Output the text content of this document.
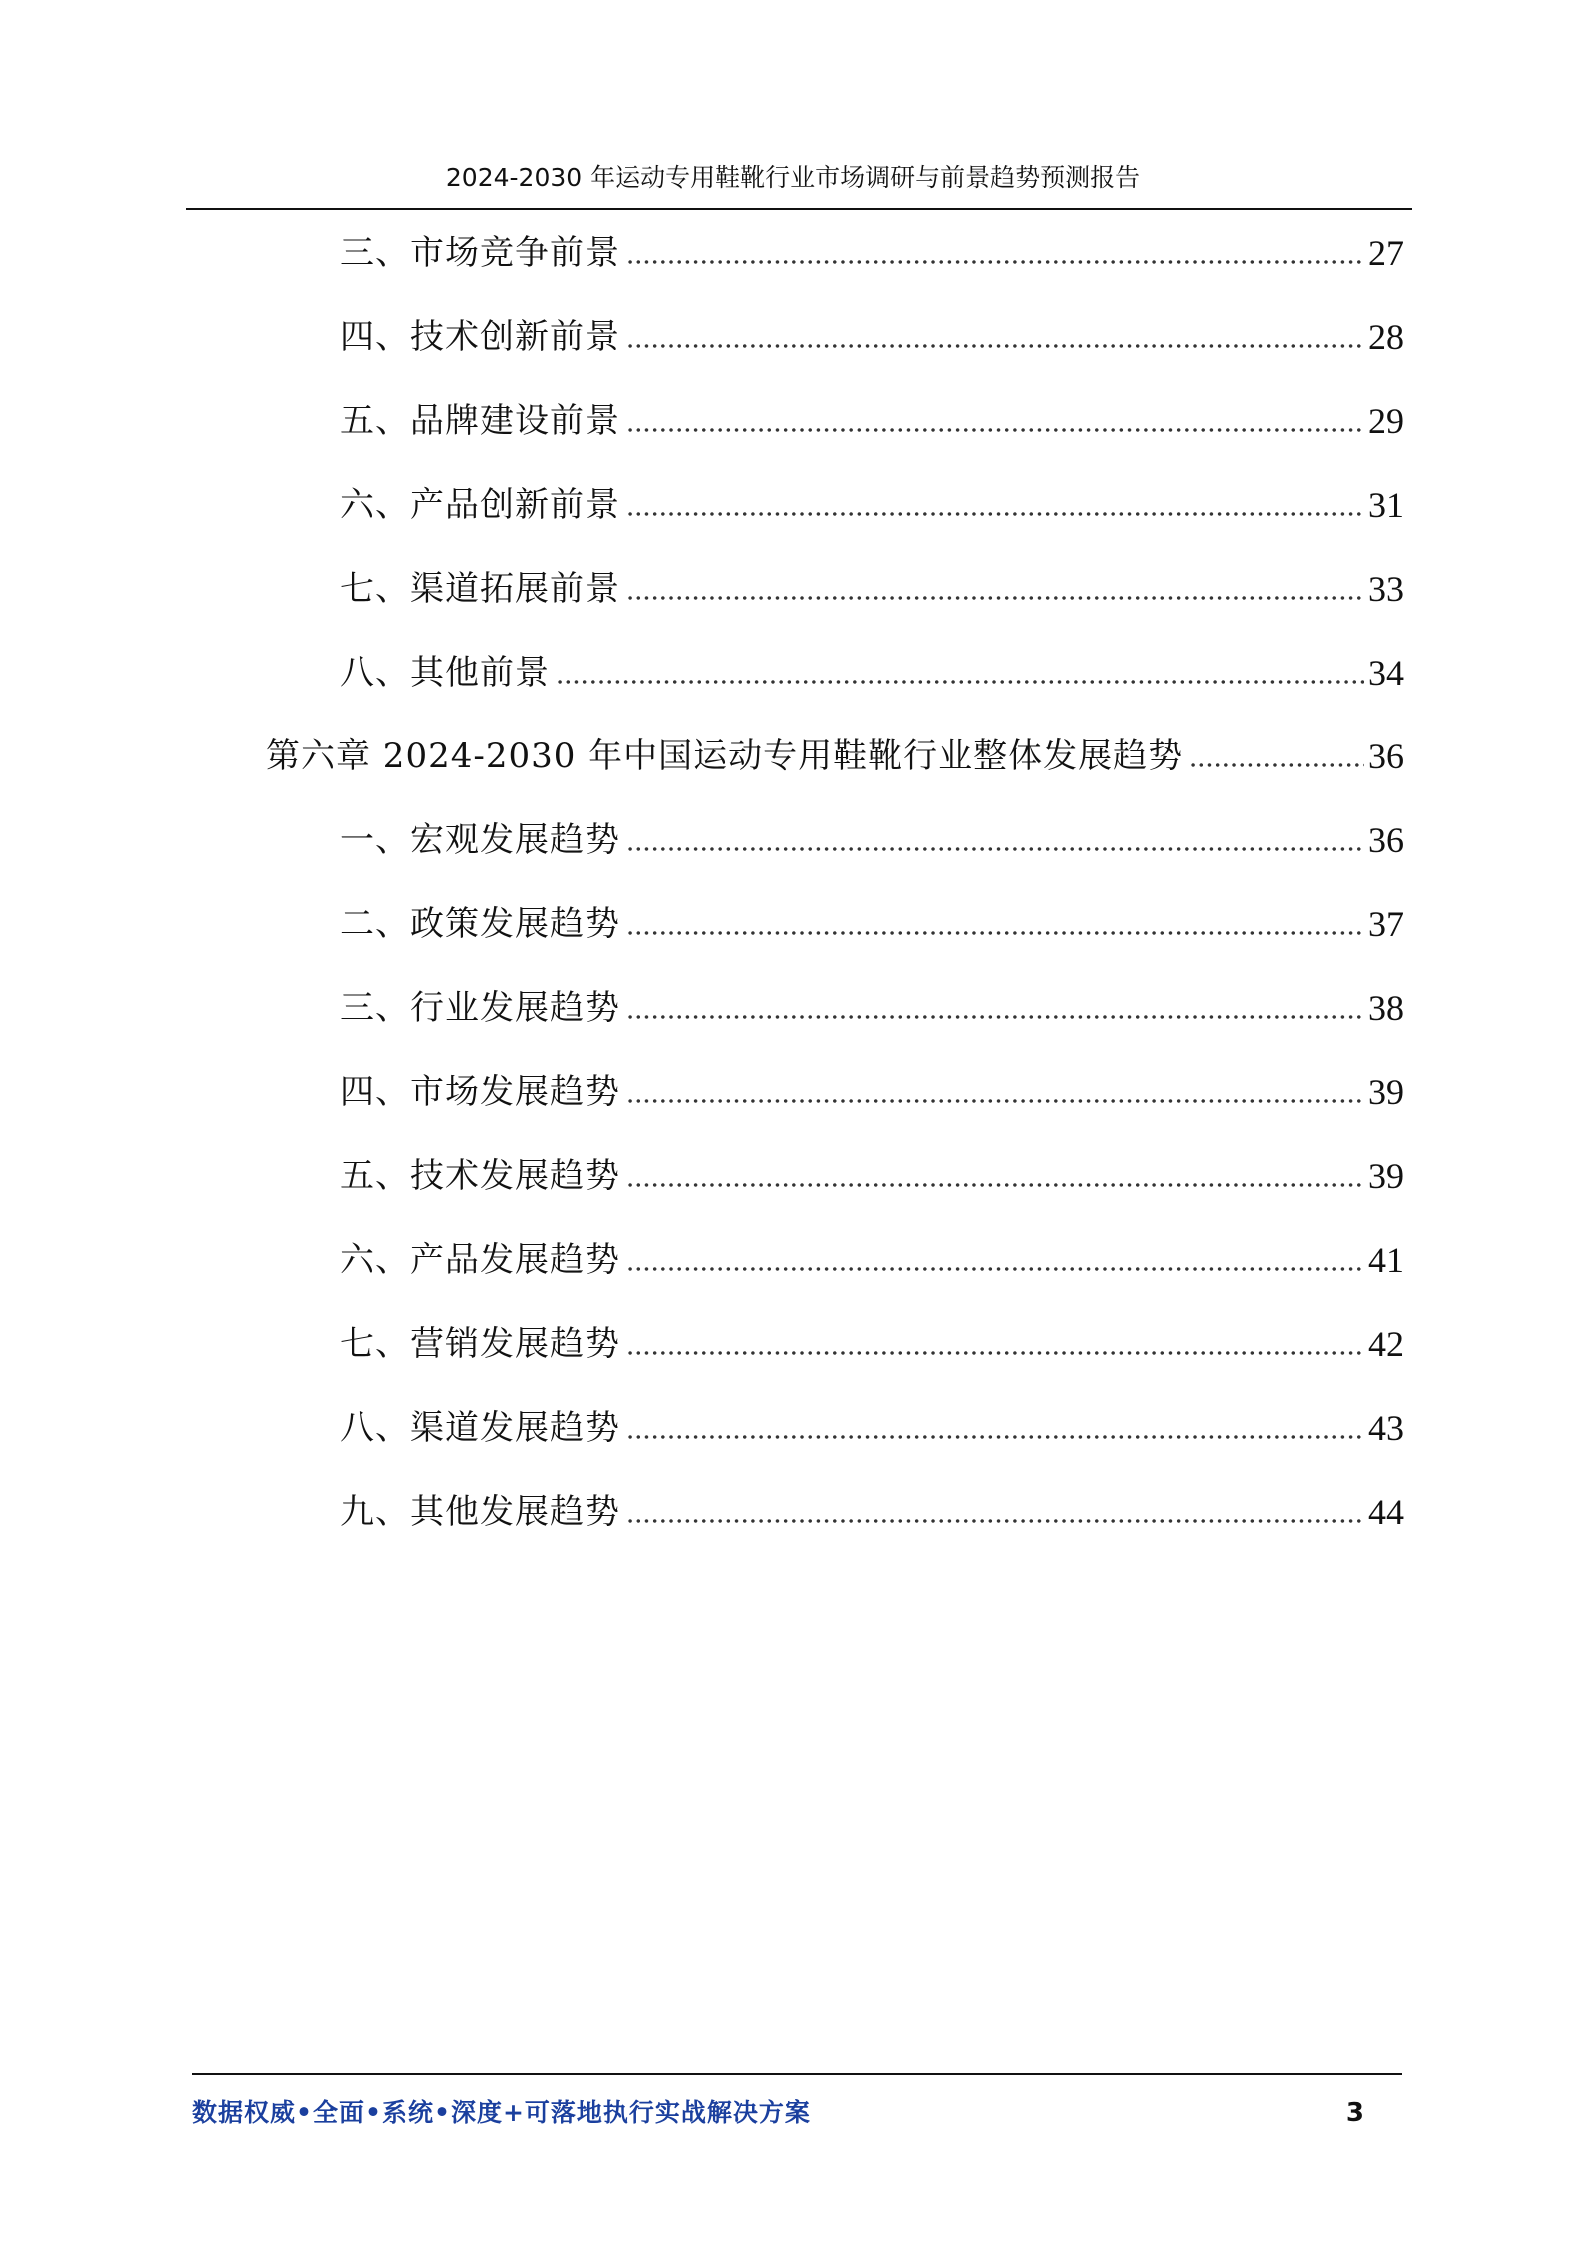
2024-2030 年运动专用鞋靴行业市场调研与前景趋势预测报告
三、市场竞争前景	27
四、技术创新前景	28
五、品牌建设前景	29
六、产品创新前景	31
七、渠道拓展前景	33
八、其他前景	34
第六章 2024-2030 年中国运动专用鞋靴行业整体发展趋势	36
一、宏观发展趋势	36
二、政策发展趋势	37
三、行业发展趋势	38
四、市场发展趋势	39
五、技术发展趋势	39
六、产品发展趋势	41
七、营销发展趋势	42
八、渠道发展趋势	43
九、其他发展趋势	44
数据权威•全面•系统•深度+可落地执行实战解决方案	3
